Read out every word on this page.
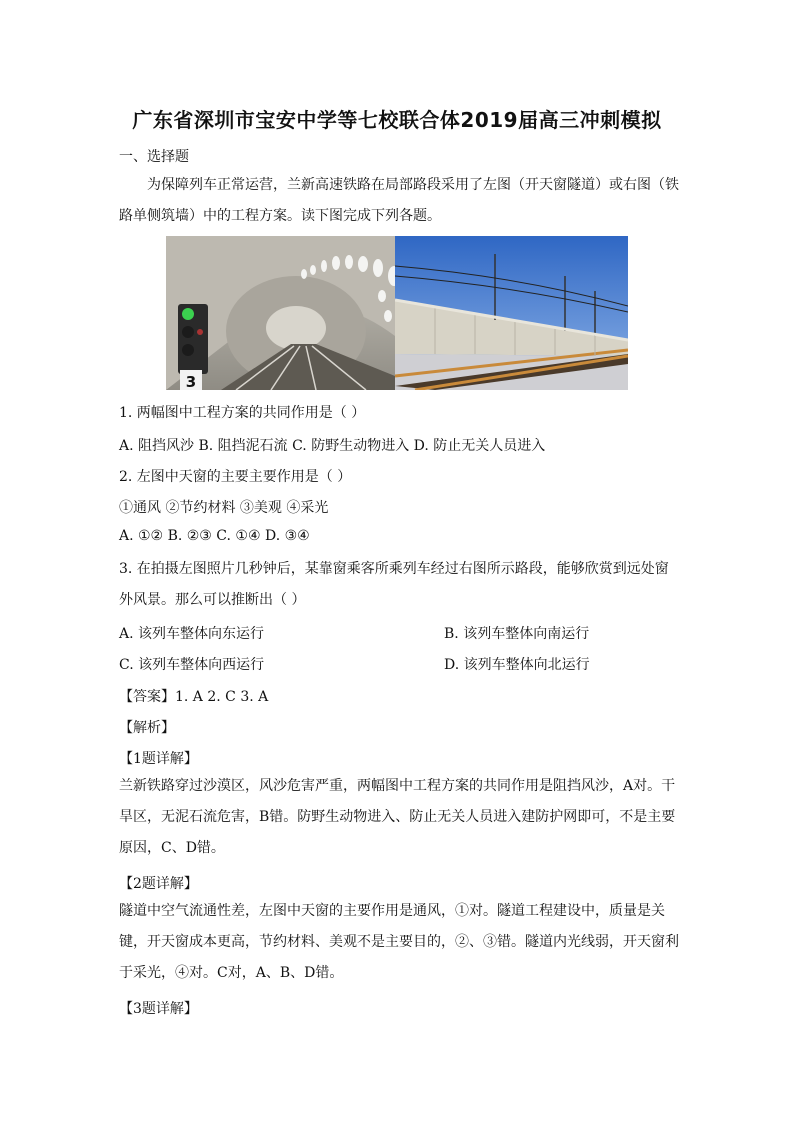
广东省深圳市宝安中学等七校联合体2019届高三冲刺模拟
一、选择题
为保障列车正常运营，兰新高速铁路在局部路段采用了左图（开天窗隧道）或右图（铁路单侧筑墙）中的工程方案。读下图完成下列各题。
3
1. 两幅图中工程方案的共同作用是（ ）
A. 阻挡风沙 B. 阻挡泥石流 C. 防野生动物进入 D. 防止无关人员进入
2. 左图中天窗的主要主要作用是（ ）
①通风 ②节约材料 ③美观 ④采光
A. ①② B. ②③ C. ①④ D. ③④
3. 在拍摄左图照片几秒钟后，某靠窗乘客所乘列车经过右图所示路段，能够欣赏到远处窗外风景。那么可以推断出（ ）
A. 该列车整体向东运行	B. 该列车整体向南运行
C. 该列车整体向西运行	D. 该列车整体向北运行
【答案】1. A 2. C 3. A
【解析】
【1题详解】
兰新铁路穿过沙漠区，风沙危害严重，两幅图中工程方案的共同作用是阻挡风沙，A对。干旱区，无泥石流危害，B错。防野生动物进入、防止无关人员进入建防护网即可，不是主要原因，C、D错。
【2题详解】
隧道中空气流通性差，左图中天窗的主要作用是通风，①对。隧道工程建设中，质量是关键，开天窗成本更高，节约材料、美观不是主要目的，②、③错。隧道内光线弱，开天窗利于采光，④对。C对，A、B、D错。
【3题详解】
